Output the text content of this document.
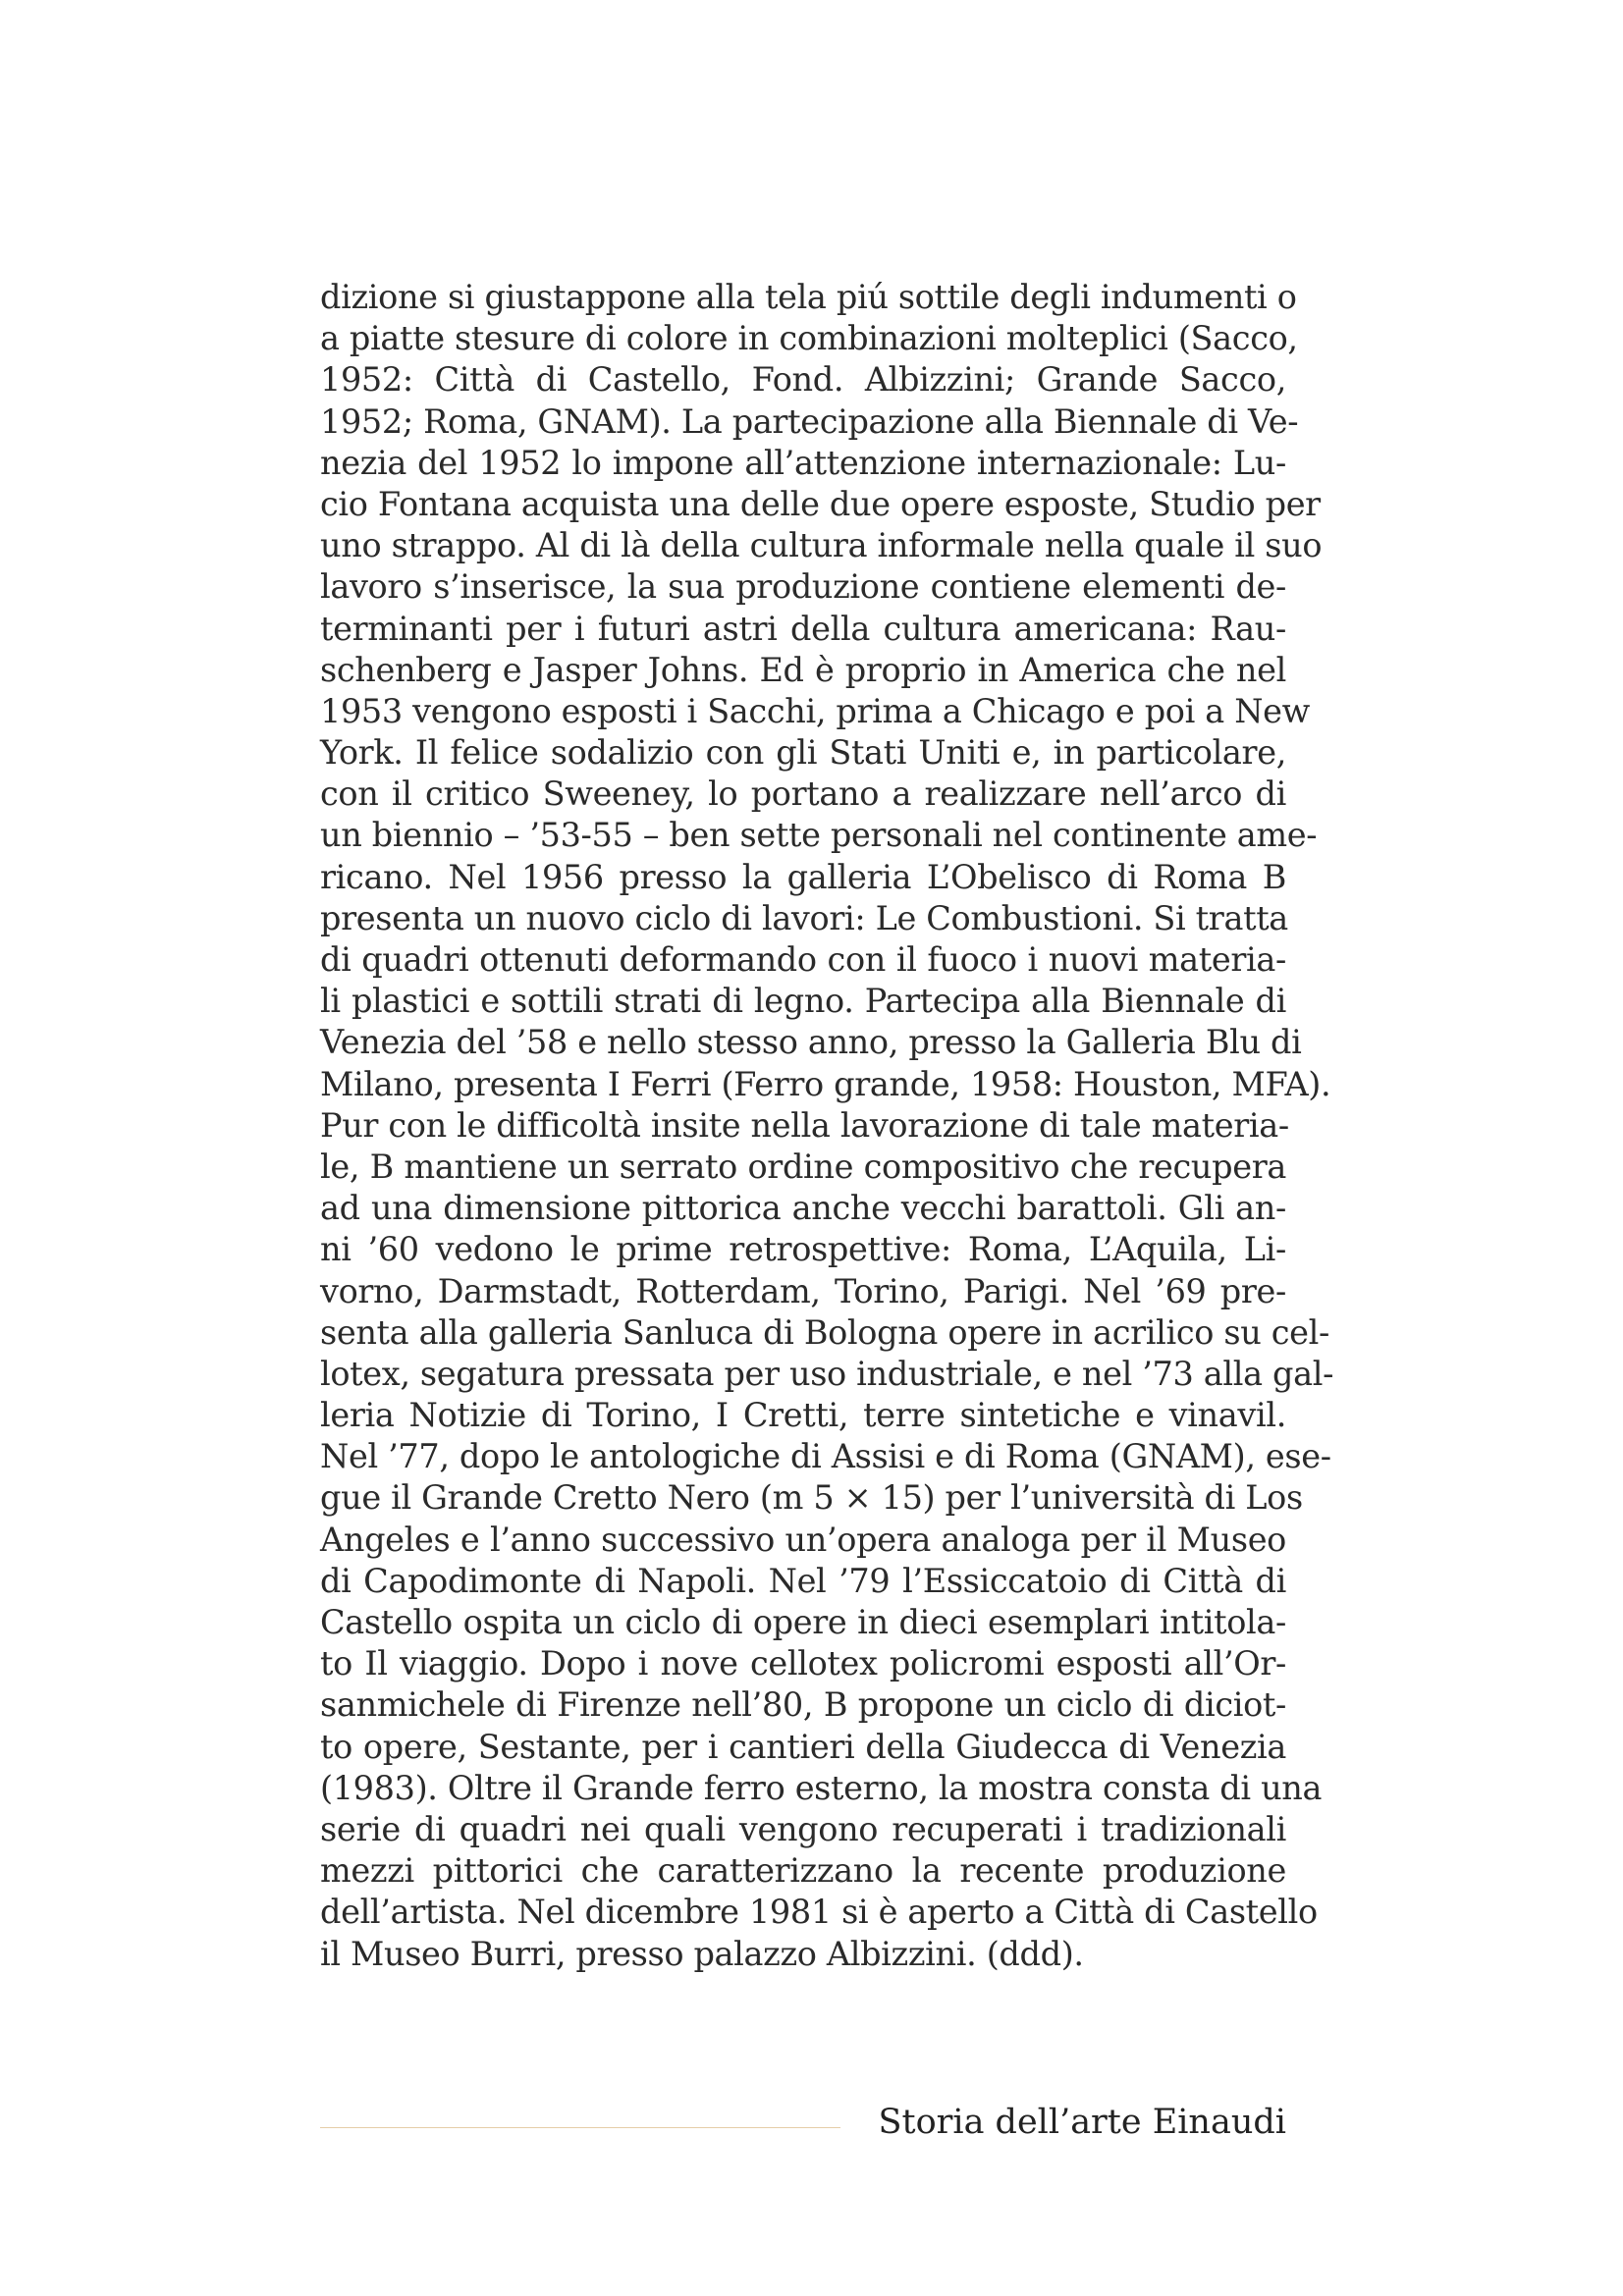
dizione si giustappone alla tela piú sottile degli indumenti o
a piatte stesure di colore in combinazioni molteplici (Sacco,
1952: Città di Castello, Fond. Albizzini; Grande Sacco,
1952; Roma, GNAM). La partecipazione alla Biennale di Ve-
nezia del 1952 lo impone all’attenzione internazionale: Lu-
cio Fontana acquista una delle due opere esposte, Studio per
uno strappo. Al di là della cultura informale nella quale il suo
lavoro s’inserisce, la sua produzione contiene elementi de-
terminanti per i futuri astri della cultura americana: Rau-
schenberg e Jasper Johns. Ed è proprio in America che nel
1953 vengono esposti i Sacchi, prima a Chicago e poi a New
York. Il felice sodalizio con gli Stati Uniti e, in particolare,
con il critico Sweeney, lo portano a realizzare nell’arco di
un biennio – ’53-55 – ben sette personali nel continente ame-
ricano. Nel 1956 presso la galleria L’Obelisco di Roma B
presenta un nuovo ciclo di lavori: Le Combustioni. Si tratta
di quadri ottenuti deformando con il fuoco i nuovi materia-
li plastici e sottili strati di legno. Partecipa alla Biennale di
Venezia del ’58 e nello stesso anno, presso la Galleria Blu di
Milano, presenta I Ferri (Ferro grande, 1958: Houston, MFA).
Pur con le difficoltà insite nella lavorazione di tale materia-
le, B mantiene un serrato ordine compositivo che recupera
ad una dimensione pittorica anche vecchi barattoli. Gli an-
ni ’60 vedono le prime retrospettive: Roma, L’Aquila, Li-
vorno, Darmstadt, Rotterdam, Torino, Parigi. Nel ’69 pre-
senta alla galleria Sanluca di Bologna opere in acrilico su cel-
lotex, segatura pressata per uso industriale, e nel ’73 alla gal-
leria Notizie di Torino, I Cretti, terre sintetiche e vinavil.
Nel ’77, dopo le antologiche di Assisi e di Roma (GNAM), ese-
gue il Grande Cretto Nero (m 5 × 15) per l’università di Los
Angeles e l’anno successivo un’opera analoga per il Museo
di Capodimonte di Napoli. Nel ’79 l’Essiccatoio di Città di
Castello ospita un ciclo di opere in dieci esemplari intitola-
to Il viaggio. Dopo i nove cellotex policromi esposti all’Or-
sanmichele di Firenze nell’80, B propone un ciclo di diciot-
to opere, Sestante, per i cantieri della Giudecca di Venezia
(1983). Oltre il Grande ferro esterno, la mostra consta di una
serie di quadri nei quali vengono recuperati i tradizionali
mezzi pittorici che caratterizzano la recente produzione
dell’artista. Nel dicembre 1981 si è aperto a Città di Castello
il Museo Burri, presso palazzo Albizzini. (ddd).
Storia dell’arte Einaudi
